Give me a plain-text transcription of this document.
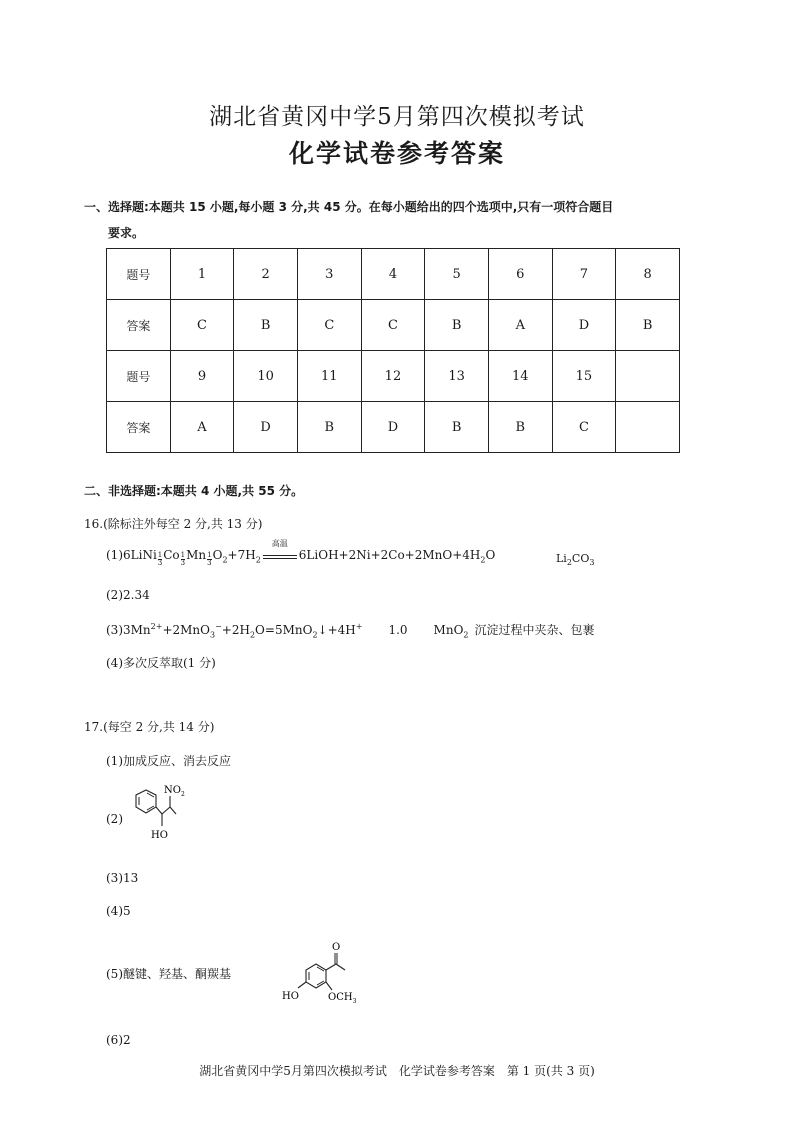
湖北省黄冈中学5月第四次模拟考试
化学试卷参考答案
一、选择题:本题共 15 小题,每小题 3 分,共 45 分。在每小题给出的四个选项中,只有一项符合题目
要求。
题号	1	2	3	4	5	6	7	8
答案	C	B	C	C	B	A	D	B
题号	9	10	11	12	13	14	15	
答案	A	D	B	D	B	B	C	
二、非选择题:本题共 4 小题,共 55 分。
16.(除标注外每空 2 分,共 13 分)
(1)6LiNi $\frac{1}{3}$ Co $\frac{1}{3}$ Mn $\frac{1}{3} O_2+7H_2$
高温
$6LiOH+2Ni+2Co+2MnO+4H_2O$	$Li_2CO_3$
(2)2.34
$(3)3Mn^{2+}+2MnO_3^-+2H_2O=5MnO_2↓+4H^+$ 1.0 MnO$_2$  沉淀过程中夹杂、包裹
(4)多次反萃取(1 分)
17.(每空 2 分,共 14 分)
(1)加成反应、消去反应
(2)
$NO_2$
HO
(3)13
(4)5
(5)醚键、羟基、酮羰基
O
HO	$OCH_3$
(6)2
湖北省黄冈中学5月第四次模拟考试　化学试卷参考答案　第 1 页(共 3 页)
